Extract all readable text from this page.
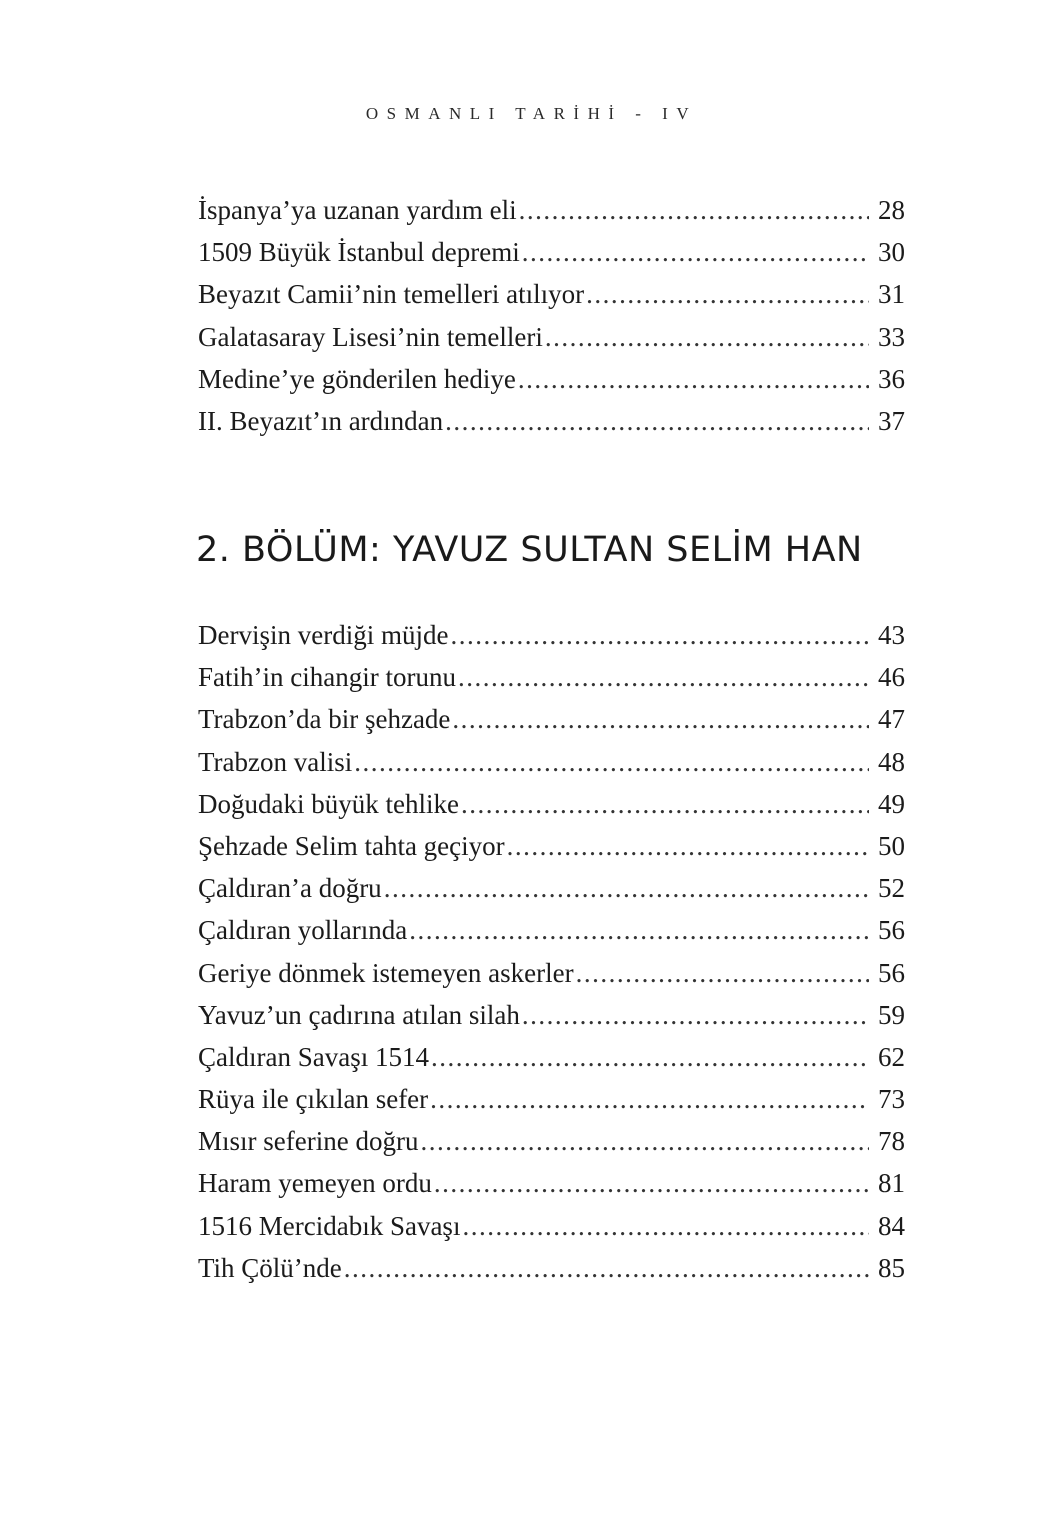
OSMANLI TARİHİ - IV
İspanya’ya uzanan yardım eli .....	28
1509 Büyük İstanbul depremi .....	30
Beyazıt Camii’nin temelleri atılıyor .....	31
Galatasaray Lisesi’nin temelleri .....	33
Medine’ye gönderilen hediye .....	36
II. Beyazıt’ın ardından .....	37
2. BÖLÜM: YAVUZ SULTAN SELİM HAN
Dervişin verdiği müjde .....	43
Fatih’in cihangir torunu .....	46
Trabzon’da bir şehzade .....	47
Trabzon valisi .....	48
Doğudaki büyük tehlike .....	49
Şehzade Selim tahta geçiyor .....	50
Çaldıran’a doğru .....	52
Çaldıran yollarında .....	56
Geriye dönmek istemeyen askerler .....	56
Yavuz’un çadırına atılan silah .....	59
Çaldıran Savaşı 1514 .....	62
Rüya ile çıkılan sefer .....	73
Mısır seferine doğru .....	78
Haram yemeyen ordu .....	81
1516 Mercidabık Savaşı .....	84
Tih Çölü’nde .....	85
